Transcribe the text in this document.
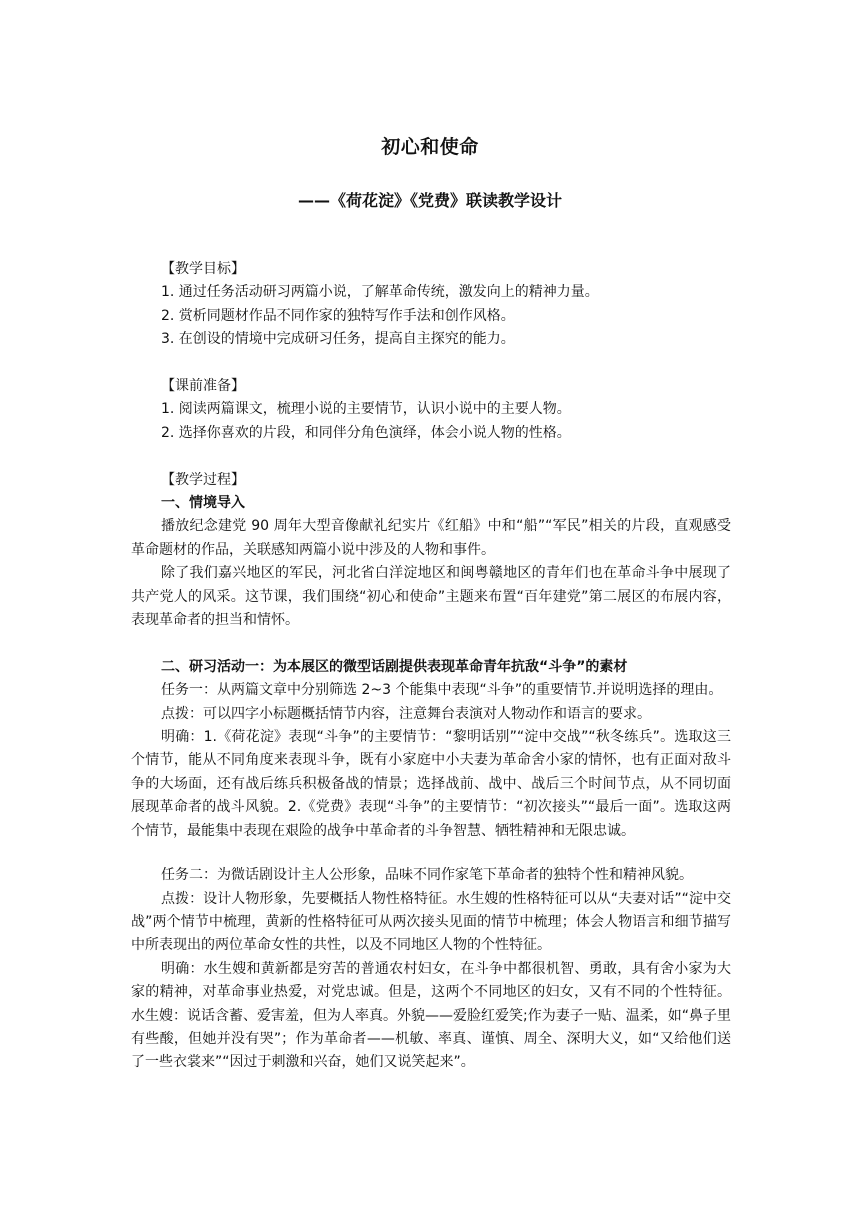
初心和使命
——《荷花淀》《党费》联读教学设计

【教学目标】

1. 通过任务活动研习两篇小说，了解革命传统，激发向上的精神力量。

2. 赏析同题材作品不同作家的独特写作手法和创作风格。

3. 在创设的情境中完成研习任务，提高自主探究的能力。

【课前准备】

1. 阅读两篇课文，梳理小说的主要情节，认识小说中的主要人物。

2. 选择你喜欢的片段，和同伴分角色演绎，体会小说人物的性格。

【教学过程】

一、情境导入

播放纪念建党 90 周年大型音像献礼纪实片《红船》中和“船”“军民”相关的片段，直观感受革命题材的作品，关联感知两篇小说中涉及的人物和事件。

除了我们嘉兴地区的军民，河北省白洋淀地区和闽粤赣地区的青年们也在革命斗争中展现了共产党人的风采。这节课，我们围绕“初心和使命”主题来布置“百年建党”第二展区的布展内容，表现革命者的担当和情怀。

二、研习活动一：为本展区的微型话剧提供表现革命青年抗敌“斗争”的素材

任务一：从两篇文章中分别筛选 2~3 个能集中表现“斗争”的重要情节.并说明选择的理由。

点拨：可以四字小标题概括情节内容，注意舞台表演对人物动作和语言的要求。

明确：1.《荷花淀》表现“斗争”的主要情节：“黎明话别”“淀中交战”“秋冬练兵”。选取这三个情节，能从不同角度来表现斗争，既有小家庭中小夫妻为革命舍小家的情怀，也有正面对敌斗争的大场面，还有战后练兵积极备战的情景；选择战前、战中、战后三个时间节点，从不同切面展现革命者的战斗风貌。2.《党费》表现“斗争”的主要情节：“初次接头”“最后一面”。选取这两个情节，最能集中表现在艰险的战争中革命者的斗争智慧、牺牲精神和无限忠诚。

任务二：为微话剧设计主人公形象，品味不同作家笔下革命者的独特个性和精神风貌。

点拨：设计人物形象，先要概括人物性格特征。水生嫂的性格特征可以从“夫妻对话”“淀中交战”两个情节中梳理，黄新的性格特征可从两次接头见面的情节中梳理；体会人物语言和细节描写中所表现出的两位革命女性的共性，以及不同地区人物的个性特征。

明确：水生嫂和黄新都是穷苦的普通农村妇女，在斗争中都很机智、勇敢，具有舍小家为大家的精神，对革命事业热爱，对党忠诚。但是，这两个不同地区的妇女，又有不同的个性特征。水生嫂：说话含蓄、爱害羞，但为人率真。外貌——爱脸红爱笑;作为妻子一贴、温柔，如“鼻子里有些酸，但她并没有哭”；作为革命者——机敏、率真、谨慎、周全、深明大义，如“又给他们送了一些衣裳来”“因过于刺激和兴奋，她们又说笑起来”。
